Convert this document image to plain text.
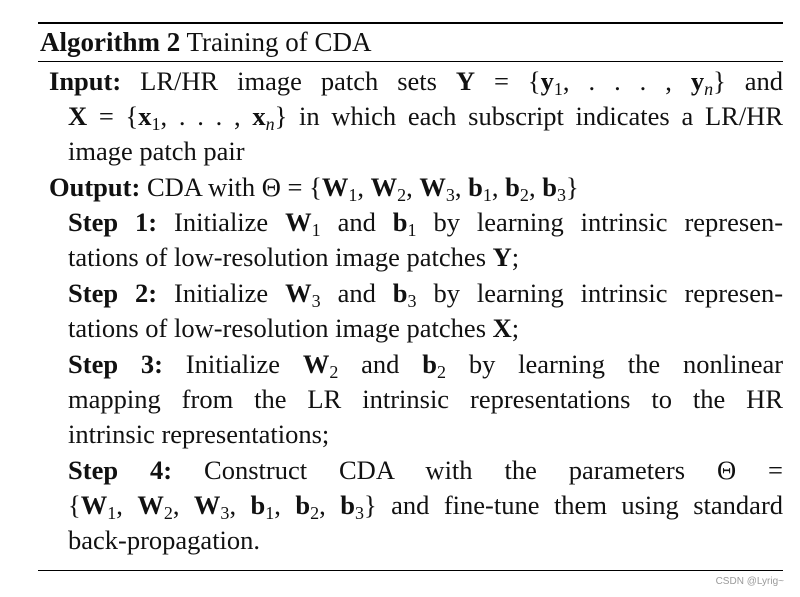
Algorithm 2 Training of CDA
Input: LR/HR image patch sets $Y = \{y_1$, . . . , $y_n$} and
$X = \{x_1$, . . . , $x_n$} in which each subscript indicates a LR/HR
image patch pair
Output: CDA with $\Theta = \{W_1$, $W_2$, $W_3$, $b_1$, $b_2$, $b_3$}
Step 1: Initialize $W_1$ and $b_1$ by learning intrinsic represen-
tations of low-resolution image patches Y;
Step 2: Initialize $W_3$ and $b_3$ by learning intrinsic represen-
tations of low-resolution image patches X;
Step 3: Initialize $W_2$ and $b_2$ by learning the nonlinear
mapping from the LR intrinsic representations to the HR
intrinsic representations;
Step 4: Construct CDA with the parameters Θ =
{$W_1$, $W_2$, $W_3$, $b_1$, $b_2$, $b_3$} and fine-tune them using standard
back-propagation.
CSDN @Lyrig~
